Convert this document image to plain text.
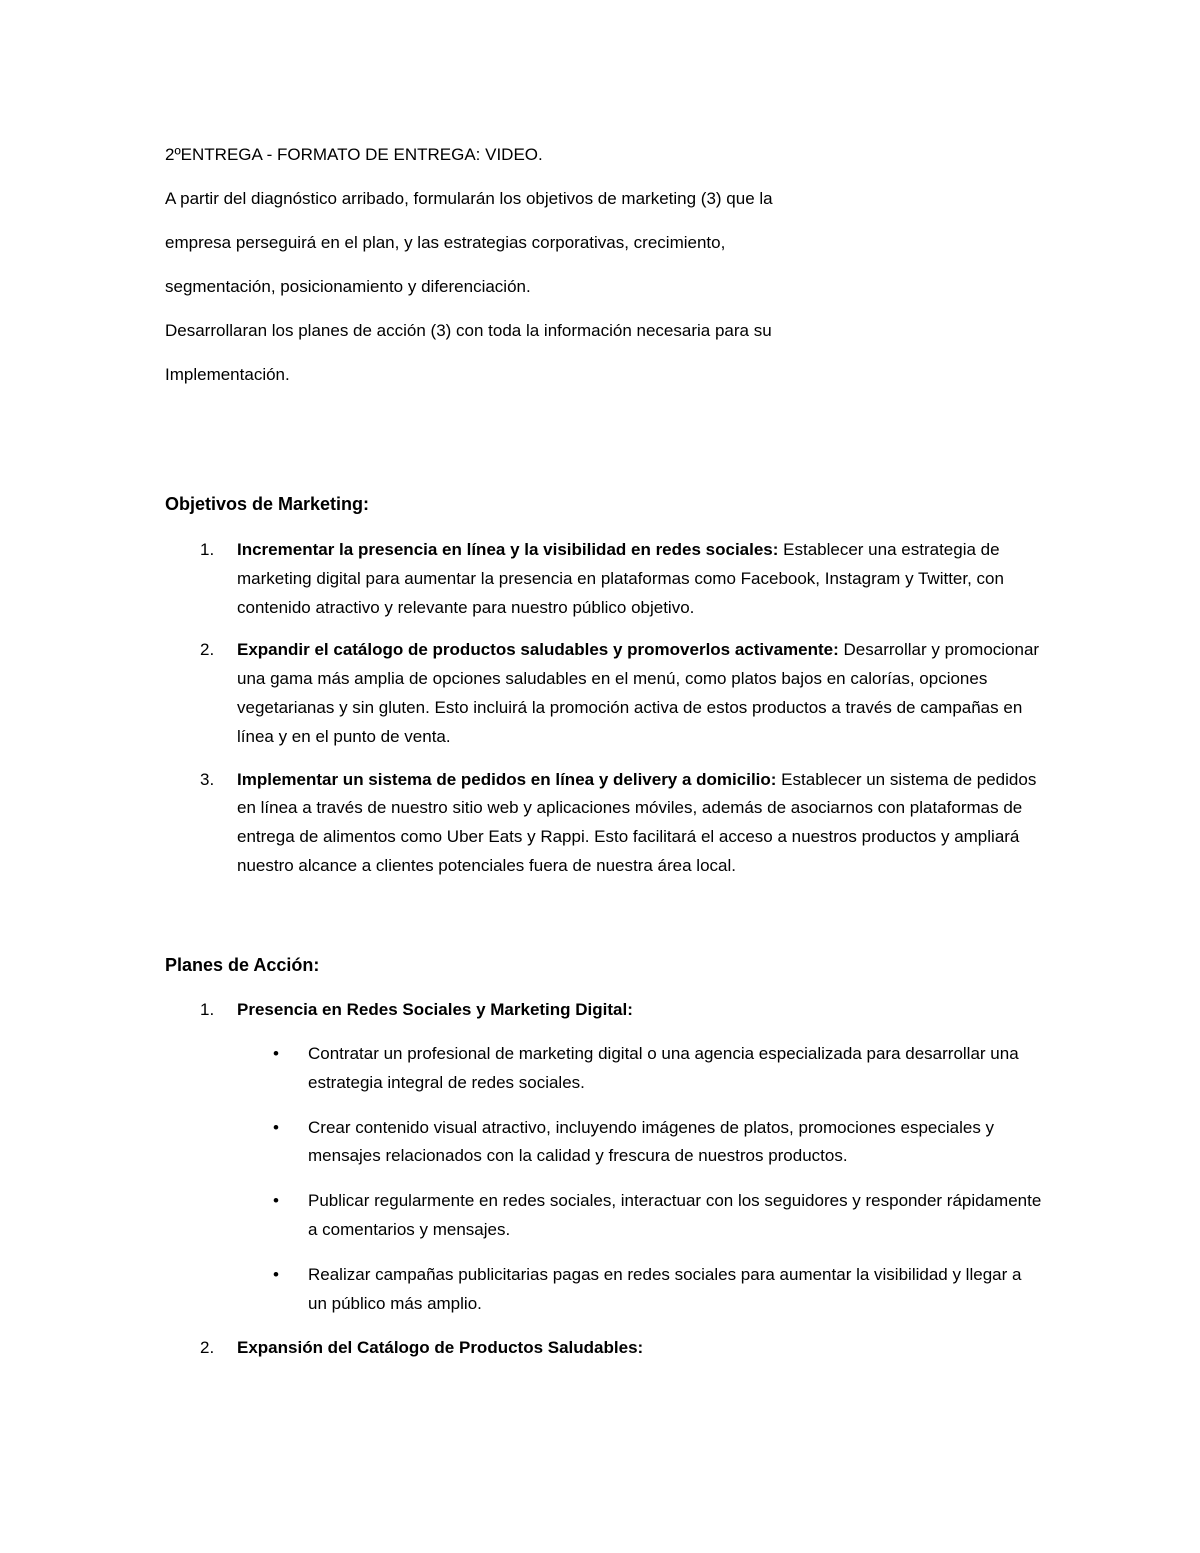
2ºENTREGA - FORMATO DE ENTREGA: VIDEO.

A partir del diagnóstico arribado, formularán los objetivos de marketing (3) que la

empresa perseguirá en el plan, y las estrategias corporativas, crecimiento,

segmentación, posicionamiento y diferenciación.

Desarrollaran los planes de acción (3) con toda la información necesaria para su

Implementación.

Objetivos de Marketing:
1. Incrementar la presencia en línea y la visibilidad en redes sociales: Establecer una estrategia de marketing digital para aumentar la presencia en plataformas como Facebook, Instagram y Twitter, con contenido atractivo y relevante para nuestro público objetivo.
2. Expandir el catálogo de productos saludables y promoverlos activamente: Desarrollar y promocionar una gama más amplia de opciones saludables en el menú, como platos bajos en calorías, opciones vegetarianas y sin gluten. Esto incluirá la promoción activa de estos productos a través de campañas en línea y en el punto de venta.
3. Implementar un sistema de pedidos en línea y delivery a domicilio: Establecer un sistema de pedidos en línea a través de nuestro sitio web y aplicaciones móviles, además de asociarnos con plataformas de entrega de alimentos como Uber Eats y Rappi. Esto facilitará el acceso a nuestros productos y ampliará nuestro alcance a clientes potenciales fuera de nuestra área local.
Planes de Acción:
1. Presencia en Redes Sociales y Marketing Digital:
• Contratar un profesional de marketing digital o una agencia especializada para desarrollar una estrategia integral de redes sociales.
• Crear contenido visual atractivo, incluyendo imágenes de platos, promociones especiales y mensajes relacionados con la calidad y frescura de nuestros productos.
• Publicar regularmente en redes sociales, interactuar con los seguidores y responder rápidamente a comentarios y mensajes.
• Realizar campañas publicitarias pagas en redes sociales para aumentar la visibilidad y llegar a un público más amplio.
2. Expansión del Catálogo de Productos Saludables:
